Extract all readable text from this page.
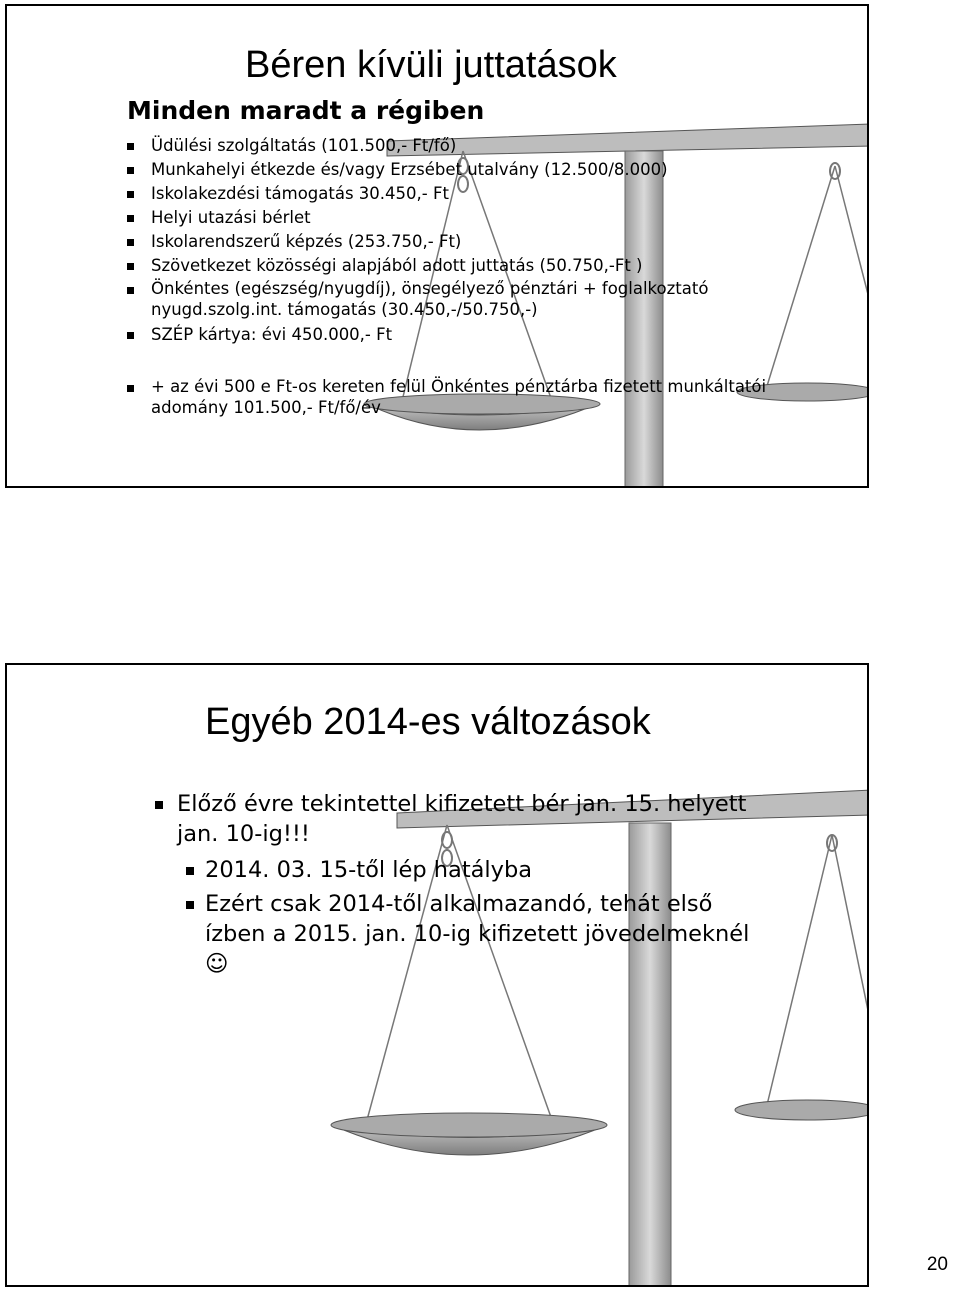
Béren kívüli juttatások
Minden maradt a régiben
Üdülési szolgáltatás (101.500,- Ft/fő)
Munkahelyi étkezde és/vagy Erzsébet utalvány (12.500/8.000)
Iskolakezdési támogatás 30.450,- Ft
Helyi utazási bérlet
Iskolarendszerű képzés (253.750,- Ft)
Szövetkezet közösségi alapjából adott juttatás (50.750,-Ft )
Önkéntes (egészség/nyugdíj), önsegélyező pénztári + foglalkoztató nyugd.szolg.int. támogatás (30.450,-/50.750,-)
SZÉP kártya: évi 450.000,- Ft
+ az évi 500 e Ft-os kereten felül Önkéntes pénztárba fizetett munkáltatói adomány 101.500,- Ft/fő/év
Egyéb 2014-es változások
Előző évre tekintettel kifizetett bér jan. 15. helyett jan. 10-ig!!!
2014. 03. 15-től lép hatályba
Ezért csak 2014-től alkalmazandó, tehát első ízben a 2015. jan. 10-ig kifizetett jövedelmeknél ☺
20
